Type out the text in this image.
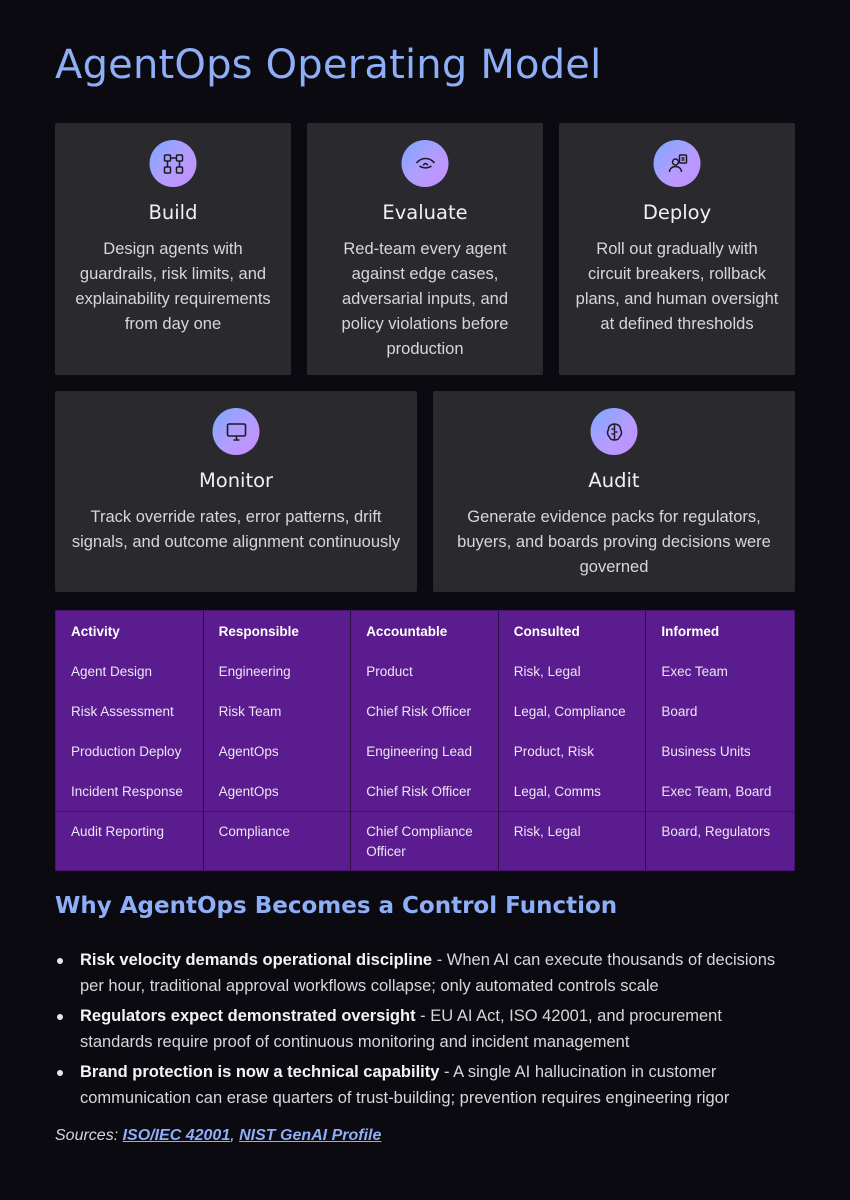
AgentOps Operating Model
Build

Design agents with guardrails, risk limits, and explainability requirements from day one

Evaluate

Red-team every agent against edge cases, adversarial inputs, and policy violations before production

Deploy

Roll out gradually with circuit breakers, rollback plans, and human oversight at defined thresholds

Monitor

Track override rates, error patterns, drift signals, and outcome alignment continuously

Audit

Generate evidence packs for regulators, buyers, and boards proving decisions were governed

Activity
Agent Design
Risk Assessment
Production Deploy
Incident Response
Audit Reporting
Responsible
Engineering
Risk Team
AgentOps
AgentOps
Compliance
Accountable
Product
Chief Risk Officer
Engineering Lead
Chief Risk Officer
Chief Compliance Officer
Consulted
Risk, Legal
Legal, Compliance
Product, Risk
Legal, Comms
Risk, Legal
Informed
Exec Team
Board
Business Units
Exec Team, Board
Board, Regulators
Why AgentOps Becomes a Control Function
Risk velocity demands operational discipline - When AI can execute thousands of decisions per hour, traditional approval workflows collapse; only automated controls scale
Regulators expect demonstrated oversight - EU AI Act, ISO 42001, and procurement standards require proof of continuous monitoring and incident management
Brand protection is now a technical capability - A single AI hallucination in customer communication can erase quarters of trust-building; prevention requires engineering rigor
Sources: ISO/IEC 42001, NIST GenAI Profile
